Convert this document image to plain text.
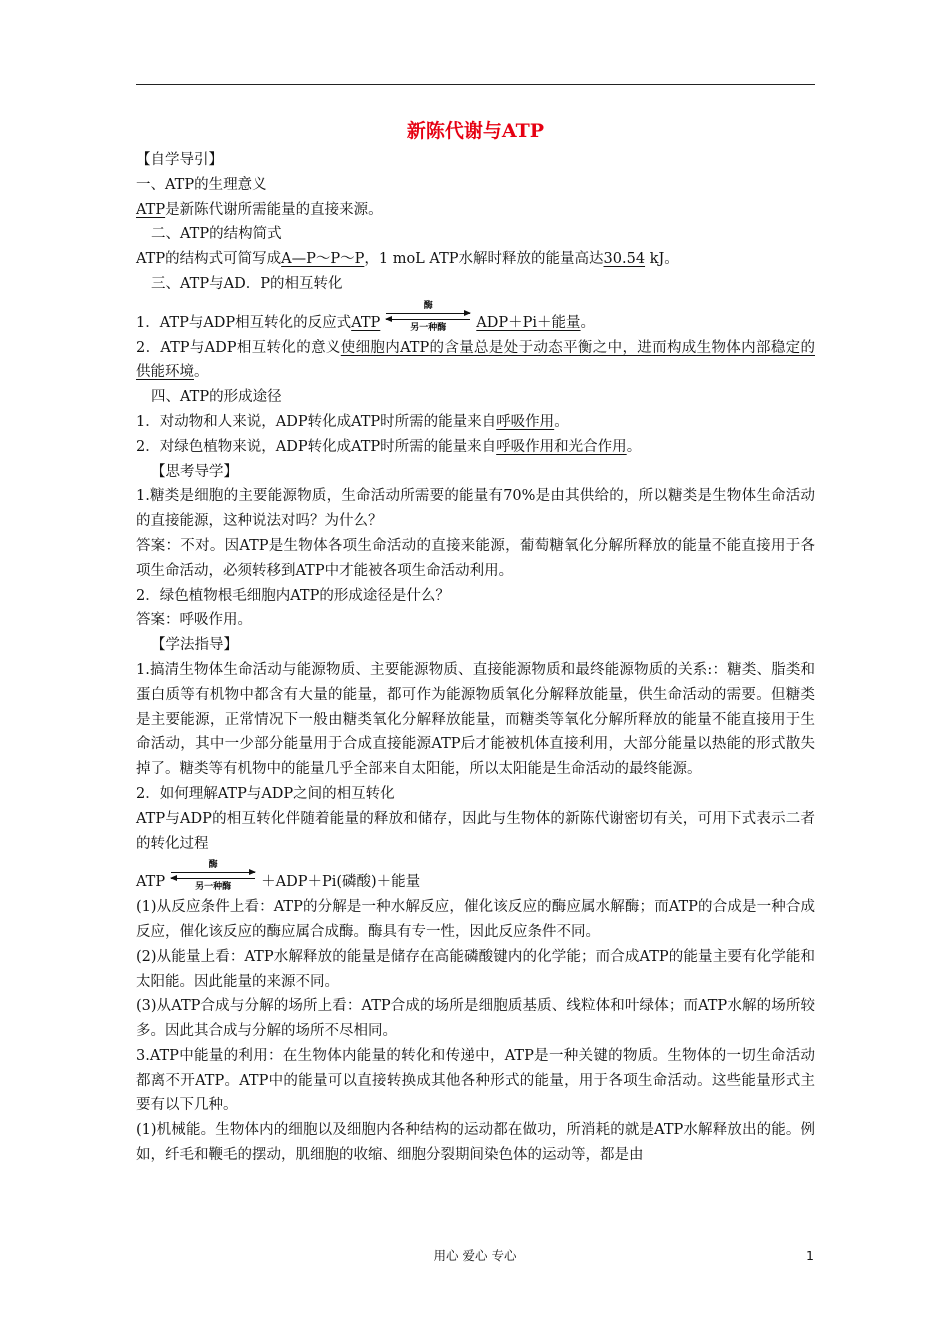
新陈代谢与ATP
【自学导引】
一、ATP的生理意义
ATP是新陈代谢所需能量的直接来源。
二、ATP的结构简式
ATP的结构式可简写成A—P～P～P，1 moL ATP水解时释放的能量高达30.54 kJ。
三、ATP与AD．P的相互转化
1．ATP与ADP相互转化的反应式ATP
酶
另一种酶	ADP＋Pi＋能量。
2．ATP与ADP相互转化的意义使细胞内ATP的含量总是处于动态平衡之中，进而构成生物体内部稳定的供能环境。
四、ATP的形成途径
1．对动物和人来说，ADP转化成ATP时所需的能量来自呼吸作用。
2．对绿色植物来说，ADP转化成ATP时所需的能量来自呼吸作用和光合作用。
【思考导学】
1.糖类是细胞的主要能源物质，生命活动所需要的能量有70%是由其供给的，所以糖类是生物体生命活动的直接能源，这种说法对吗？为什么？
答案：不对。因ATP是生物体各项生命活动的直接来能源，葡萄糖氧化分解所释放的能量不能直接用于各项生命活动，必须转移到ATP中才能被各项生命活动利用。
2．绿色植物根毛细胞内ATP的形成途径是什么？
答案：呼吸作用。
【学法指导】
1.搞清生物体生命活动与能源物质、主要能源物质、直接能源物质和最终能源物质的关系:：糖类、脂类和蛋白质等有机物中都含有大量的能量，都可作为能源物质氧化分解释放能量，供生命活动的需要。但糖类是主要能源，正常情况下一般由糖类氧化分解释放能量，而糖类等氧化分解所释放的能量不能直接用于生命活动，其中一少部分能量用于合成直接能源ATP后才能被机体直接利用，大部分能量以热能的形式散失掉了。糖类等有机物中的能量几乎全部来自太阳能，所以太阳能是生命活动的最终能源。
2．如何理解ATP与ADP之间的相互转化
ATP与ADP的相互转化伴随着能量的释放和储存，因此与生物体的新陈代谢密切有关，可用下式表示二者的转化过程
ATP
酶
另一种酶	＋ADP＋Pi(磷酸)＋能量
(1)从反应条件上看：ATP的分解是一种水解反应，催化该反应的酶应属水解酶；而ATP的合成是一种合成反应，催化该反应的酶应属合成酶。酶具有专一性，因此反应条件不同。
(2)从能量上看：ATP水解释放的能量是储存在高能磷酸键内的化学能；而合成ATP的能量主要有化学能和太阳能。因此能量的来源不同。
(3)从ATP合成与分解的场所上看：ATP合成的场所是细胞质基质、线粒体和叶绿体；而ATP水解的场所较多。因此其合成与分解的场所不尽相同。
3.ATP中能量的利用：在生物体内能量的转化和传递中，ATP是一种关键的物质。生物体的一切生命活动都离不开ATP。ATP中的能量可以直接转换成其他各种形式的能量，用于各项生命活动。这些能量形式主要有以下几种。
(1)机械能。生物体内的细胞以及细胞内各种结构的运动都在做功，所消耗的就是ATP水解释放出的能。例如，纤毛和鞭毛的摆动，肌细胞的收缩、细胞分裂期间染色体的运动等，都是由
用心 爱心 专心	1
